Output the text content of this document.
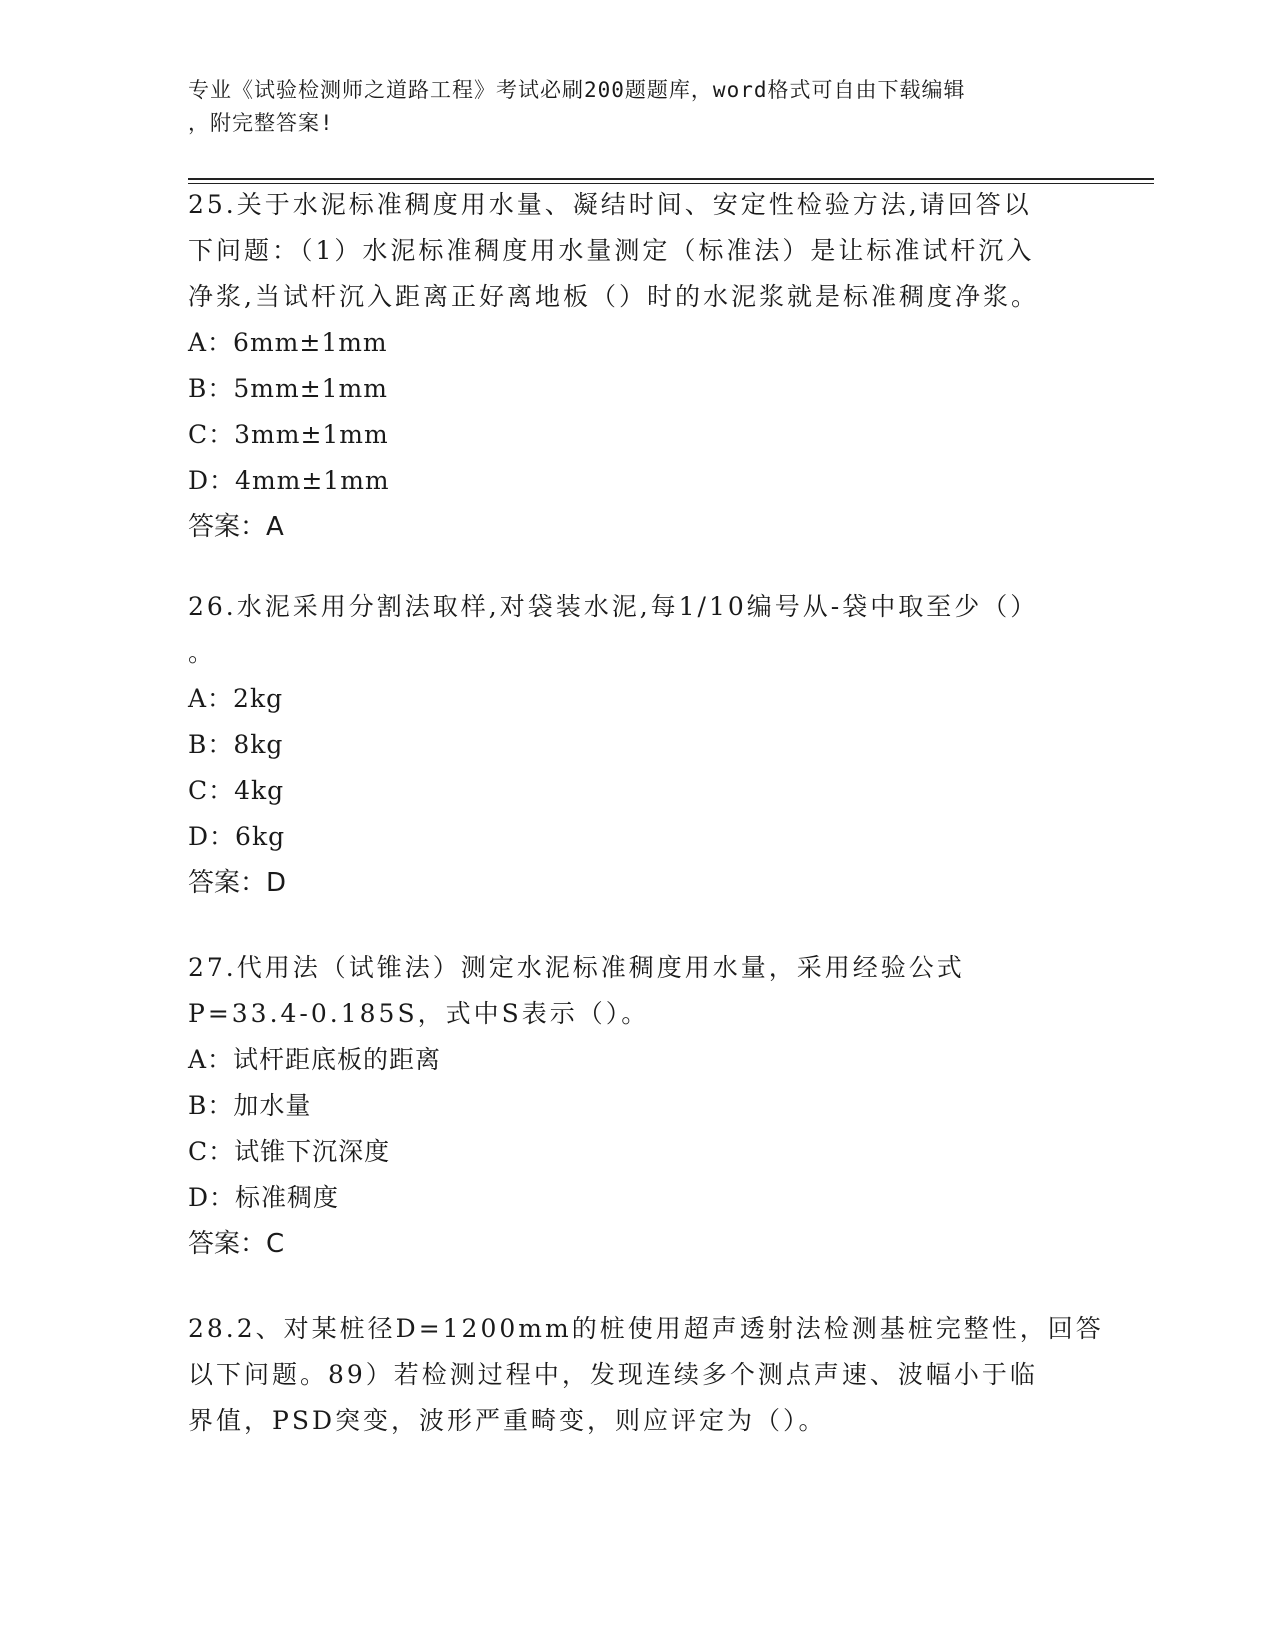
专业《试验检测师之道路工程》考试必刷200题题库，word格式可自由下载编辑
，附完整答案!
25.关于水泥标准稠度用水量、凝结时间、安定性检验方法,请回答以
下问题：（1）水泥标准稠度用水量测定（标准法）是让标准试杆沉入
净浆,当试杆沉入距离正好离地板（）时的水泥浆就是标准稠度净浆。
A：6mm±1mm
B：5mm±1mm
C：3mm±1mm
D：4mm±1mm
答案：A
26.水泥采用分割法取样,对袋装水泥,每1/10编号从-袋中取至少（）
。
A：2kg
B：8kg
C：4kg
D：6kg
答案：D
27.代用法（试锥法）测定水泥标准稠度用水量，采用经验公式
P=33.4-0.185S，式中S表示（）。
A：试杆距底板的距离
B：加水量
C：试锥下沉深度
D：标准稠度
答案：C
28.2、对某桩径D=1200mm的桩使用超声透射法检测基桩完整性，回答
以下问题。89）若检测过程中，发现连续多个测点声速、波幅小于临
界值，PSD突变，波形严重畸变，则应评定为（）。
